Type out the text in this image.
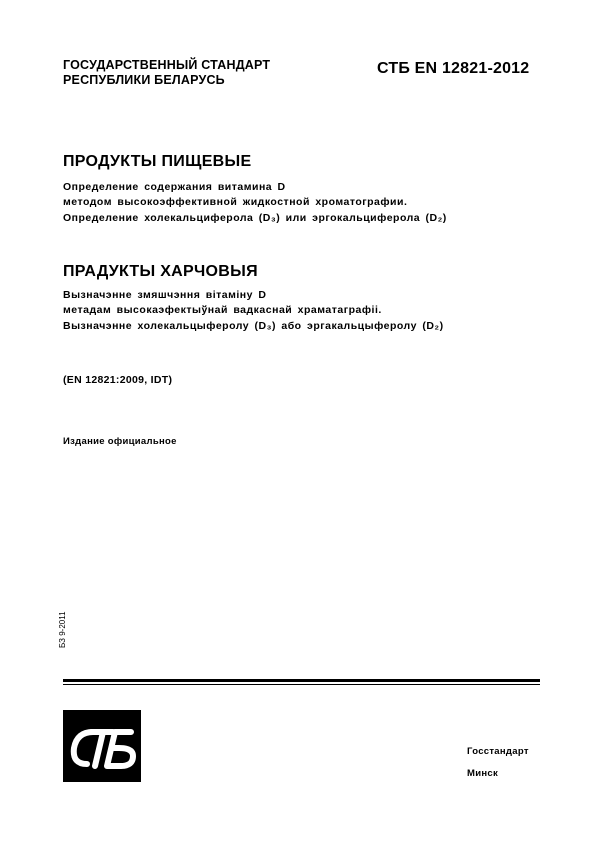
ГОСУДАРСТВЕННЫЙ СТАНДАРТ
РЕСПУБЛИКИ БЕЛАРУСЬ
СТБ EN 12821-2012
ПРОДУКТЫ ПИЩЕВЫЕ
Определение содержания витамина D
методом высокоэффективной жидкостной хроматографии.
Определение холекальциферола (D₃) или эргокальциферола (D₂)
ПРАДУКТЫ ХАРЧОВЫЯ
Вызначэнне змяшчэння вітаміну D
метадам высокаэфектыўнай вадкаснай храматаграфіі.
Вызначэнне холекальцыферолу (D₃) або эргакальцыферолу (D₂)
(EN 12821:2009, IDT)
Издание официальное
БЗ 9-2011
Госстандарт
Минск
